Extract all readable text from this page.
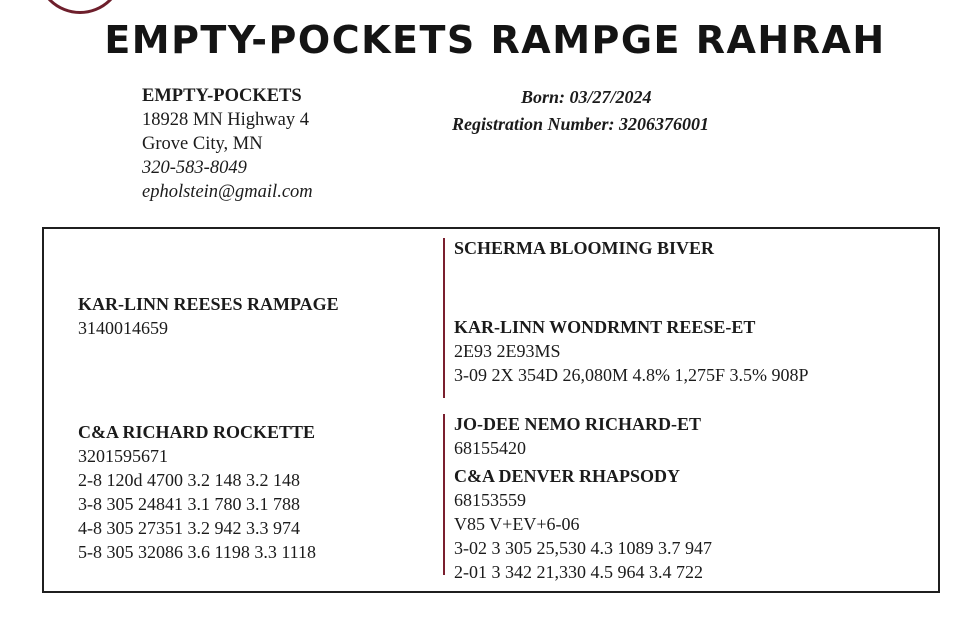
EMPTY-POCKETS RAMPGE RAHRAH
EMPTY-POCKETS
18928 MN Highway 4
Grove City, MN
320-583-8049
epholstein@gmail.com
Born: 03/27/2024
Registration Number: 3206376001
KAR-LINN REESES RAMPAGE
3140014659
C&A RICHARD ROCKETTE
3201595671
2-8 120d 4700 3.2 148 3.2 148
3-8 305 24841 3.1 780 3.1 788
4-8 305 27351 3.2 942 3.3 974
5-8 305 32086 3.6 1198 3.3 1118
SCHERMA BLOOMING BIVER
KAR-LINN WONDRMNT REESE-ET
2E93 2E93MS
3-09 2X 354D 26,080M 4.8% 1,275F 3.5% 908P
JO-DEE NEMO RICHARD-ET
68155420
C&A DENVER RHAPSODY
68153559
V85 V+EV+6-06
3-02 3 305 25,530 4.3 1089 3.7 947
2-01 3 342 21,330 4.5 964 3.4 722
